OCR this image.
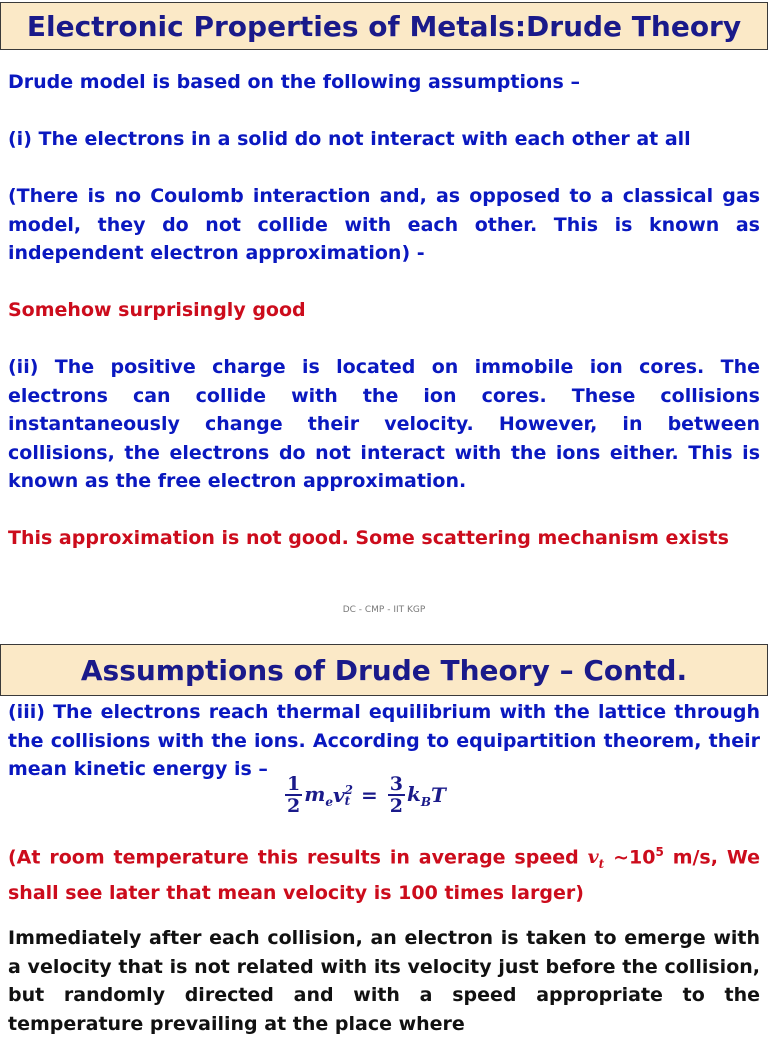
Electronic Properties of Metals:Drude Theory

Drude model is based on the following assumptions –

(i) The electrons in a solid do not interact with each other at all

(There is no Coulomb interaction and, as opposed to a classical gas model, they do not collide with each other. This is known as independent electron approximation) -

Somehow surprisingly good

(ii) The positive charge is located on immobile ion cores. The electrons can collide with the ion cores. These collisions instantaneously change their velocity. However, in between collisions, the electrons do not interact with the ions either. This is known as the free electron approximation.

This approximation is not good. Some scattering mechanism exists

DC - CMP - IIT KGP
Assumptions of Drude Theory – Contd.

(iii) The electrons reach thermal equilibrium with the lattice through the collisions with the ions. According to equipartition theorem, their mean kinetic energy is –

$\frac{1}{2} m_e$ v 2
$t = \frac{3}{2} k_B$ T

(At room temperature this results in average speed $v_t$ $\sim 10^5$ m/s, We shall see later that mean velocity is 100 times larger)

Immediately after each collision, an electron is taken to emerge with a velocity that is not related with its velocity just before the collision, but randomly directed and with a speed appropriate to the temperature prevailing at the place where
